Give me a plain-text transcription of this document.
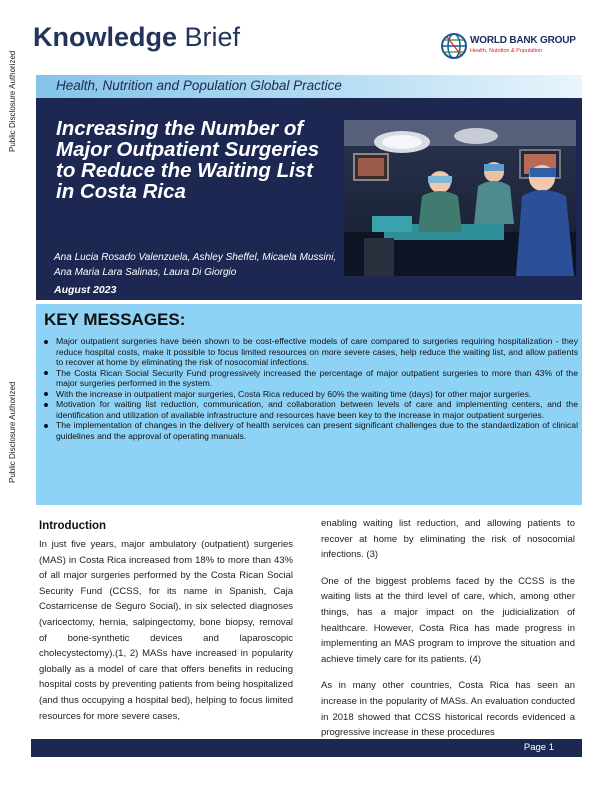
Public Disclosure Authorized
Public Disclosure Authorized
Knowledge Brief	WORLD BANK GROUP
Health, Nutrition & Population
Health, Nutrition and Population Global Practice
Increasing the Number of Major Outpatient Surgeries to Reduce the Waiting List in Costa Rica
Ana Lucia Rosado Valenzuela, Ashley Sheffel, Micaela Mussini, Ana Maria Lara Salinas, Laura Di Giorgio
August 2023
KEY MESSAGES:
Major outpatient surgeries have been shown to be cost-effective models of care compared to surgeries requiring hospitalization - they reduce hospital costs, make it possible to focus limited resources on more severe cases, help reduce the waiting list, and allow patients to recover at home by eliminating the risk of nosocomial infections.
The Costa Rican Social Security Fund progressively increased the percentage of major outpatient surgeries to more than 43% of the major surgeries performed in the system.
With the increase in outpatient major surgeries, Costa Rica reduced by 60% the waiting time (days) for other major surgeries.
Motivation for waiting list reduction, communication, and collaboration between levels of care and implementing centers, and the identification and utilization of available infrastructure and resources have been key to the increase in major outpatient surgeries.
The implementation of changes in the delivery of health services can present significant challenges due to the standardization of clinical guidelines and the approval of operating manuals.
Introduction

In just five years, major ambulatory (outpatient) surgeries (MAS) in Costa Rica increased from 18% to more than 43% of all major surgeries performed by the Costa Rican Social Security Fund (CCSS, for its name in Spanish, Caja Costarricense de Seguro Social), in six selected diagnoses (varicectomy, hernia, salpingectomy, bone biopsy, removal of bone-synthetic devices and laparoscopic cholecystectomy).(1, 2) MASs have increased in popularity globally as a model of care that offers benefits in reducing hospital costs by preventing patients from being hospitalized (and thus occupying a hospital bed), helping to focus limited resources for more severe cases,

enabling waiting list reduction, and allowing patients to recover at home by eliminating the risk of nosocomial infections. (3)

One of the biggest problems faced by the CCSS is the waiting lists at the third level of care, which, among other things, has a major impact on the judicialization of healthcare. However, Costa Rica has made progress in implementing an MAS program to improve the situation and achieve timely care for its patients. (4)

As in many other countries, Costa Rica has seen an increase in the popularity of MASs. An evaluation conducted in 2018 showed that CCSS historical records evidenced a progressive increase in these procedures

Page 1
